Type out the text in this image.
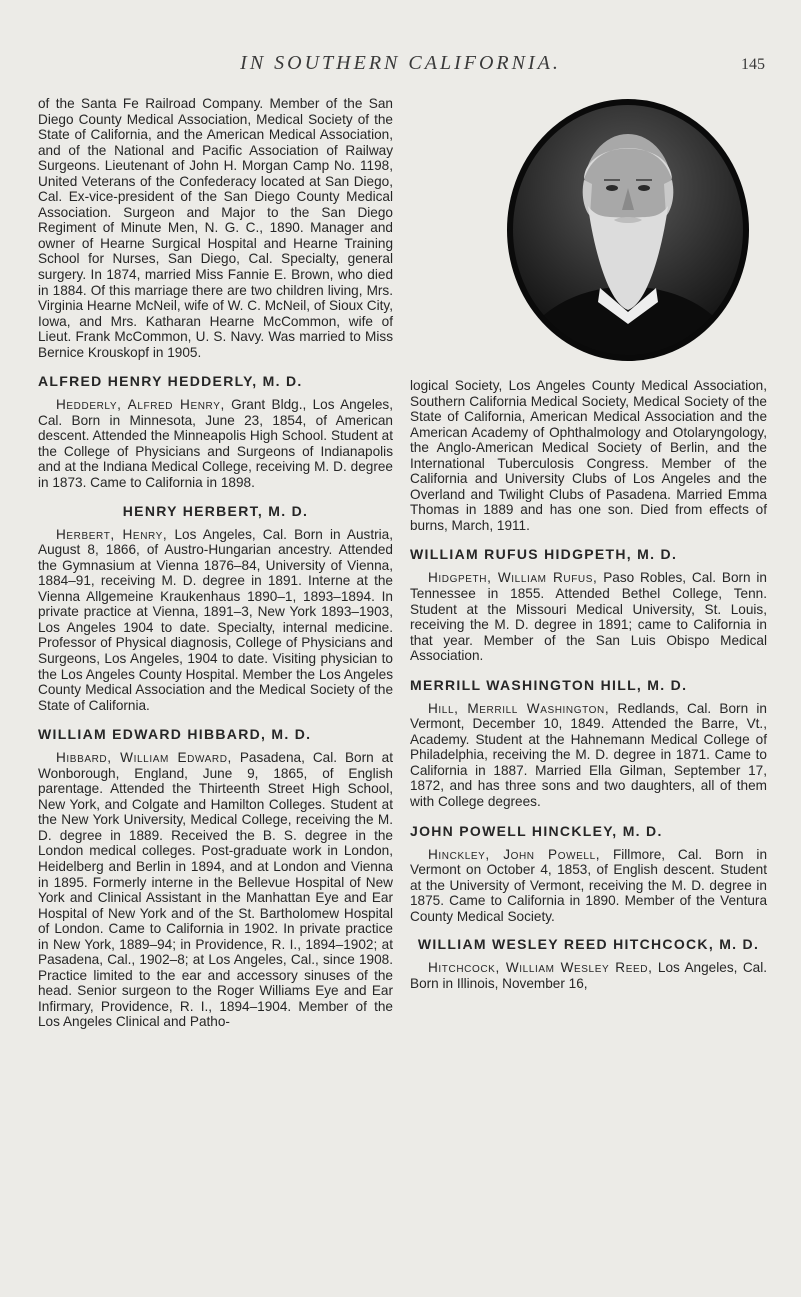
IN SOUTHERN CALIFORNIA.	145

of the Santa Fe Railroad Company. Member of the San Diego County Medical Association, Medical Society of the State of California, and the American Medical Association, and of the National and Pacific Association of Railway Surgeons. Lieutenant of John H. Morgan Camp No. 1198, United Veterans of the Confederacy located at San Diego, Cal. Ex-vice-president of the San Diego County Medical Association. Surgeon and Major to the San Diego Regiment of Minute Men, N. G. C., 1890. Manager and owner of Hearne Surgical Hospital and Hearne Training School for Nurses, San Diego, Cal. Specialty, general surgery. In 1874, married Miss Fannie E. Brown, who died in 1884. Of this marriage there are two children living, Mrs. Virginia Hearne McNeil, wife of W. C. McNeil, of Sioux City, Iowa, and Mrs. Katharan Hearne McCommon, wife of Lieut. Frank McCommon, U. S. Navy. Was married to Miss Bernice Krouskopf in 1905.

ALFRED HENRY HEDDERLY, M. D.

Hedderly, Alfred Henry, Grant Bldg., Los Angeles, Cal. Born in Minnesota, June 23, 1854, of American descent. Attended the Minneapolis High School. Student at the College of Physicians and Surgeons of Indianapolis and at the Indiana Medical College, receiving M. D. degree in 1873. Came to California in 1898.

HENRY HERBERT, M. D.

Herbert, Henry, Los Angeles, Cal. Born in Austria, August 8, 1866, of Austro-Hungarian ancestry. Attended the Gymnasium at Vienna 1876–84, University of Vienna, 1884–91, receiving M. D. degree in 1891. Interne at the Vienna Allgemeine Kraukenhaus 1890–1, 1893–1894. In private practice at Vienna, 1891–3, New York 1893–1903, Los Angeles 1904 to date. Specialty, internal medicine. Professor of Physical diagnosis, College of Physicians and Surgeons, Los Angeles, 1904 to date. Visiting physician to the Los Angeles County Hospital. Member the Los Angeles County Medical Association and the Medical Society of the State of California.

WILLIAM EDWARD HIBBARD, M. D.

Hibbard, William Edward, Pasadena, Cal. Born at Wonborough, England, June 9, 1865, of English parentage. Attended the Thirteenth Street High School, New York, and Colgate and Hamilton Colleges. Student at the New York University, Medical College, receiving the M. D. degree in 1889. Received the B. S. degree in the London medical colleges. Post-graduate work in London, Heidelberg and Berlin in 1894, and at London and Vienna in 1895. Formerly interne in the Bellevue Hospital of New York and Clinical Assistant in the Manhattan Eye and Ear Hospital of New York and of the St. Bartholomew Hospital of London. Came to California in 1902. In private practice in New York, 1889–94; in Providence, R. I., 1894–1902; at Pasadena, Cal., 1902–8; at Los Angeles, Cal., since 1908. Practice limited to the ear and accessory sinuses of the head. Senior surgeon to the Roger Williams Eye and Ear Infirmary, Providence, R. I., 1894–1904. Member of the Los Angeles Clinical and Patho-

logical Society, Los Angeles County Medical Association, Southern California Medical Society, Medical Society of the State of California, American Medical Association and the American Academy of Ophthalmology and Otolaryngology, the Anglo-American Medical Society of Berlin, and the International Tuberculosis Congress. Member of the California and University Clubs of Los Angeles and the Overland and Twilight Clubs of Pasadena. Married Emma Thomas in 1889 and has one son. Died from effects of burns, March, 1911.

WILLIAM RUFUS HIDGPETH, M. D.

Hidgpeth, William Rufus, Paso Robles, Cal. Born in Tennessee in 1855. Attended Bethel College, Tenn. Student at the Missouri Medical University, St. Louis, receiving the M. D. degree in 1891; came to California in that year. Member of the San Luis Obispo Medical Association.

MERRILL WASHINGTON HILL, M. D.

Hill, Merrill Washington, Redlands, Cal. Born in Vermont, December 10, 1849. Attended the Barre, Vt., Academy. Student at the Hahnemann Medical College of Philadelphia, receiving the M. D. degree in 1871. Came to California in 1887. Married Ella Gilman, September 17, 1872, and has three sons and two daughters, all of them with College degrees.

JOHN POWELL HINCKLEY, M. D.

Hinckley, John Powell, Fillmore, Cal. Born in Vermont on October 4, 1853, of English descent. Student at the University of Vermont, receiving the M. D. degree in 1875. Came to California in 1890. Member of the Ventura County Medical Society.

WILLIAM WESLEY REED HITCHCOCK, M. D.

Hitchcock, William Wesley Reed, Los Angeles, Cal. Born in Illinois, November 16,
